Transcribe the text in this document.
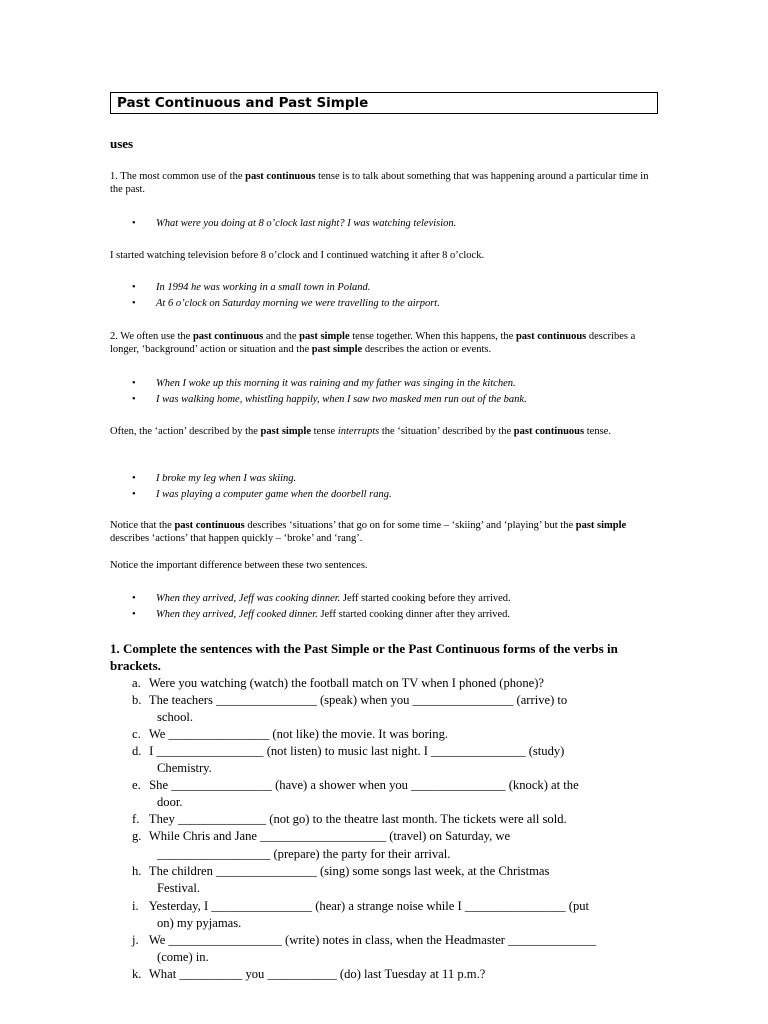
Past Continuous and Past Simple
uses
1. The most common use of the past continuous tense is to talk about something that was happening around a particular time in the past.
• What were you doing at 8 o’clock last night? I was watching television.
I started watching television before 8 o’clock and I continued watching it after 8 o’clock.
• In 1994 he was working in a small town in Poland.
• At 6 o’clock on Saturday morning we were travelling to the airport.
2. We often use the past continuous and the past simple tense together. When this happens, the past continuous describes a longer, ‘background’ action or situation and the past simple describes the action or events.
• When I woke up this morning it was raining and my father was singing in the kitchen.
• I was walking home, whistling happily, when I saw two masked men run out of the bank.
Often, the ‘action’ described by the past simple tense interrupts the ‘situation’ described by the past continuous tense.
• I broke my leg when I was skiing.
• I was playing a computer game when the doorbell rang.
Notice that the past continuous describes ‘situations’ that go on for some time – ‘skiing’ and ‘playing’ but the past simple describes ‘actions’ that happen quickly – ‘broke’ and ‘rang’.
Notice the important difference between these two sentences.
• When they arrived, Jeff was cooking dinner. Jeff started cooking before they arrived.
• When they arrived, Jeff cooked dinner. Jeff started cooking dinner after they arrived.
1. Complete the sentences with the Past Simple or the Past Continuous forms of the verbs in brackets.
a. Were you watching (watch) the football match on TV when I phoned (phone)?
b. The teachers ________________ (speak) when you ________________ (arrive) to
school.
c. We ________________ (not like) the movie. It was boring.
d. I _________________ (not listen) to music last night. I _______________ (study)
Chemistry.
e. She ________________ (have) a shower when you _______________ (knock) at the
door.
f. They ______________ (not go) to the theatre last month. The tickets were all sold.
g. While Chris and Jane ____________________ (travel) on Saturday, we
__________________ (prepare) the party for their arrival.
h. The children ________________ (sing) some songs last week, at the Christmas
Festival.
i. Yesterday, I ________________ (hear) a strange noise while I ________________ (put
on) my pyjamas.
j. We __________________ (write) notes in class, when the Headmaster ______________
(come) in.
k. What __________ you ___________ (do) last Tuesday at 11 p.m.?
